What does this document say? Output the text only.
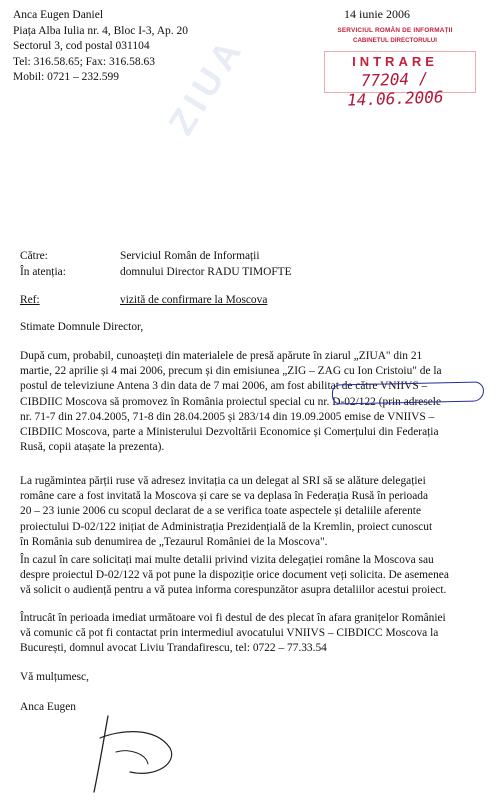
ZIUA
Anca Eugen Daniel
Piața Alba Iulia nr. 4, Bloc I-3, Ap. 20
Sectorul 3, cod postal 031104
Tel: 316.58.65; Fax: 316.58.63
Mobil: 0721 – 232.599
14 iunie 2006
SERVICIUL ROMÂN DE INFORMAȚII
CABINETUL DIRECTORULUI
INTRARE
77204 / 14.06.2006
Către:	Serviciul Român de Informații
În atenția:	domnului Director RADU TIMOFTE
Ref:	vizită de confirmare la Moscova
Stimate Domnule Director,
După cum, probabil, cunoașteți din materialele de presă apărute în ziarul „ZIUA" din 21
martie, 22 aprilie și 4 mai 2006, precum și din emisiunea „ZIG – ZAG cu Ion Cristoiu" de la
postul de televiziune Antena 3 din data de 7 mai 2006, am fost abilitat de către VNIIVS –
CIBDIIC Moscova să promovez în România proiectul special cu nr. D-02/122 (prin adresele
nr. 71-7 din 27.04.2005, 71-8 din 28.04.2005 și 283/14 din 19.09.2005 emise de VNIIVS –
CIBDIIC Moscova, parte a Ministerului Dezvoltării Economice și Comerțului din Federația
Rusă, copii atașate la prezenta).
La rugămintea părții ruse vă adresez invitația ca un delegat al SRI să se alăture delegației
române care a fost invitată la Moscova și care se va deplasa în Federația Rusă în perioada
20 – 23 iunie 2006 cu scopul declarat de a se verifica toate aspectele și detaliile aferente
proiectului D-02/122 inițiat de Administrația Prezidențială de la Kremlin, proiect cunoscut
în România sub denumirea de „Tezaurul României de la Moscova".
În cazul în care solicitați mai multe detalii privind vizita delegației române la Moscova sau
despre proiectul D-02/122 vă pot pune la dispoziție orice document veți solicita. De asemenea
vă solicit o audiență pentru a vă putea informa corespunzător asupra detaliilor acestui proiect.
Întrucât în perioada imediat următoare voi fi destul de des plecat în afara granițelor României
vă comunic că pot fi contactat prin intermediul avocatului VNIIVS – CIBDICC Moscova la
București, domnul avocat Liviu Trandafirescu, tel: 0722 – 77.33.54
Vă mulțumesc,
Anca Eugen
